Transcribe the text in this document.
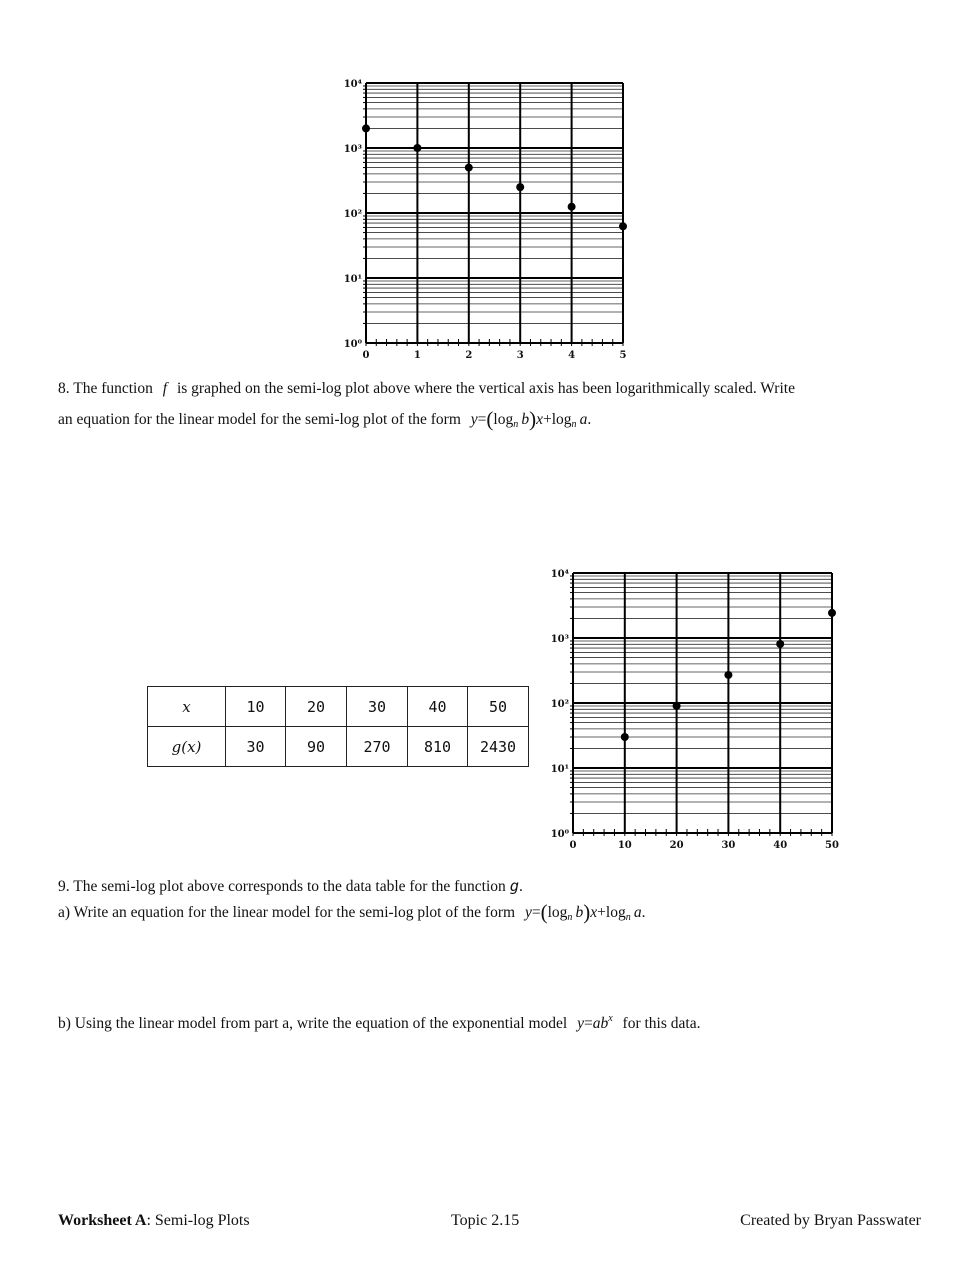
10⁰
10¹
10²
10³
10⁴
0	1	2	3	4	5
8. The function f is graphed on the semi-log plot above where the vertical axis has been logarithmically scaled. Write
an equation for the linear model for the semi-log plot of the form $y=(\log_n$  $b)x+\log_n$  a.
x	10	20	30	40	50
g(x)	30	90	270	810	2430
10⁰
10¹
10²
10³
10⁴
0	10	20	30	40	50
9. The semi-log plot above corresponds to the data table for the function g.
a) Write an equation for the linear model for the semi-log plot of the form $y=(\log_n$  $b)x+\log_n$  a.
b) Using the linear model from part a, write the equation of the exponential model $y=ab^x$ for this data.
Worksheet A: Semi-log Plots	Topic 2.15	Created by Bryan Passwater
